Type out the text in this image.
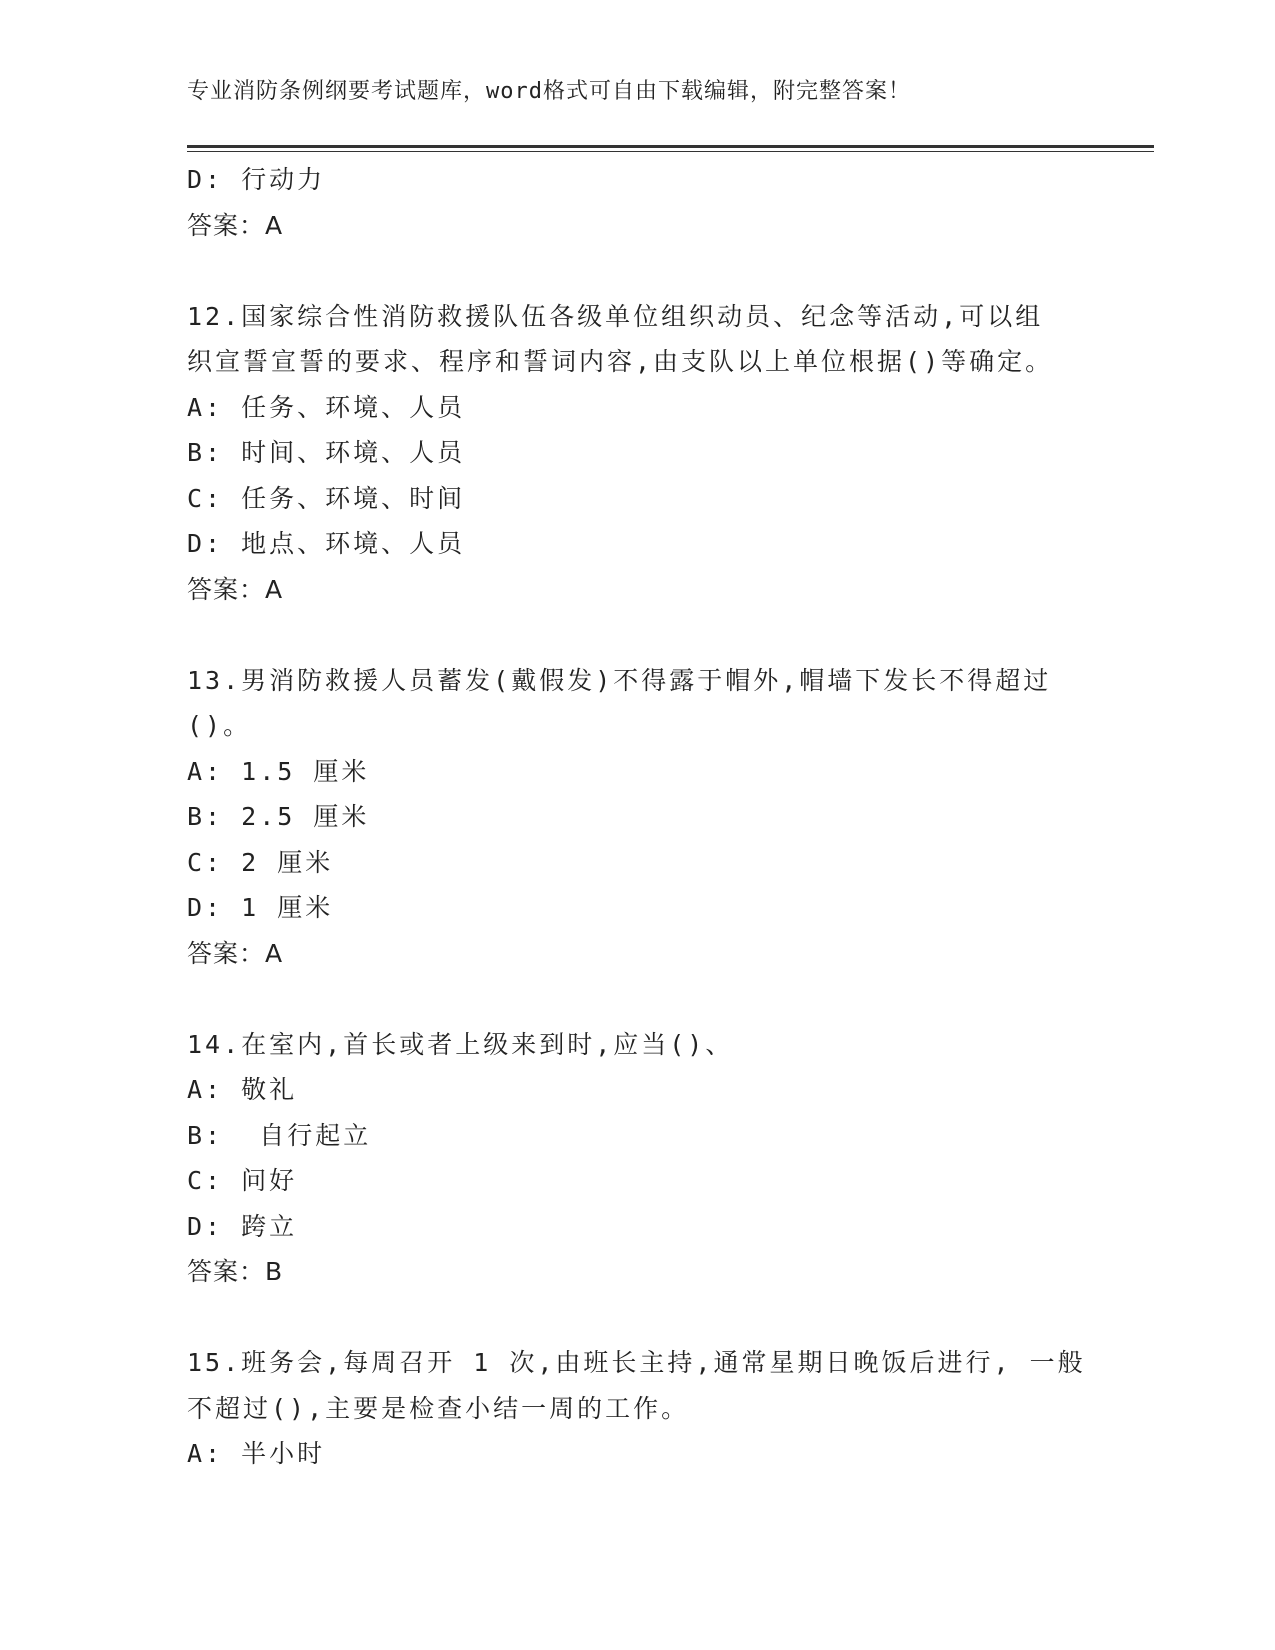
专业消防条例纲要考试题库，word格式可自由下载编辑，附完整答案！
D: 行动力
答案：A
12.国家综合性消防救援队伍各级单位组织动员、纪念等活动,可以组
织宣誓宣誓的要求、程序和誓词内容,由支队以上单位根据()等确定。
A: 任务、环境、人员
B: 时间、环境、人员
C: 任务、环境、时间
D: 地点、环境、人员
答案：A
13.男消防救援人员蓄发(戴假发)不得露于帽外,帽墙下发长不得超过
()。
A: 1.5 厘米
B: 2.5 厘米
C: 2 厘米
D: 1 厘米
答案：A
14.在室内,首长或者上级来到时,应当()、
A: 敬礼
B:  自行起立
C: 问好
D: 跨立
答案：B
15.班务会,每周召开 1 次,由班长主持,通常星期日晚饭后进行, 一般
不超过(),主要是检查小结一周的工作。
A: 半小时
